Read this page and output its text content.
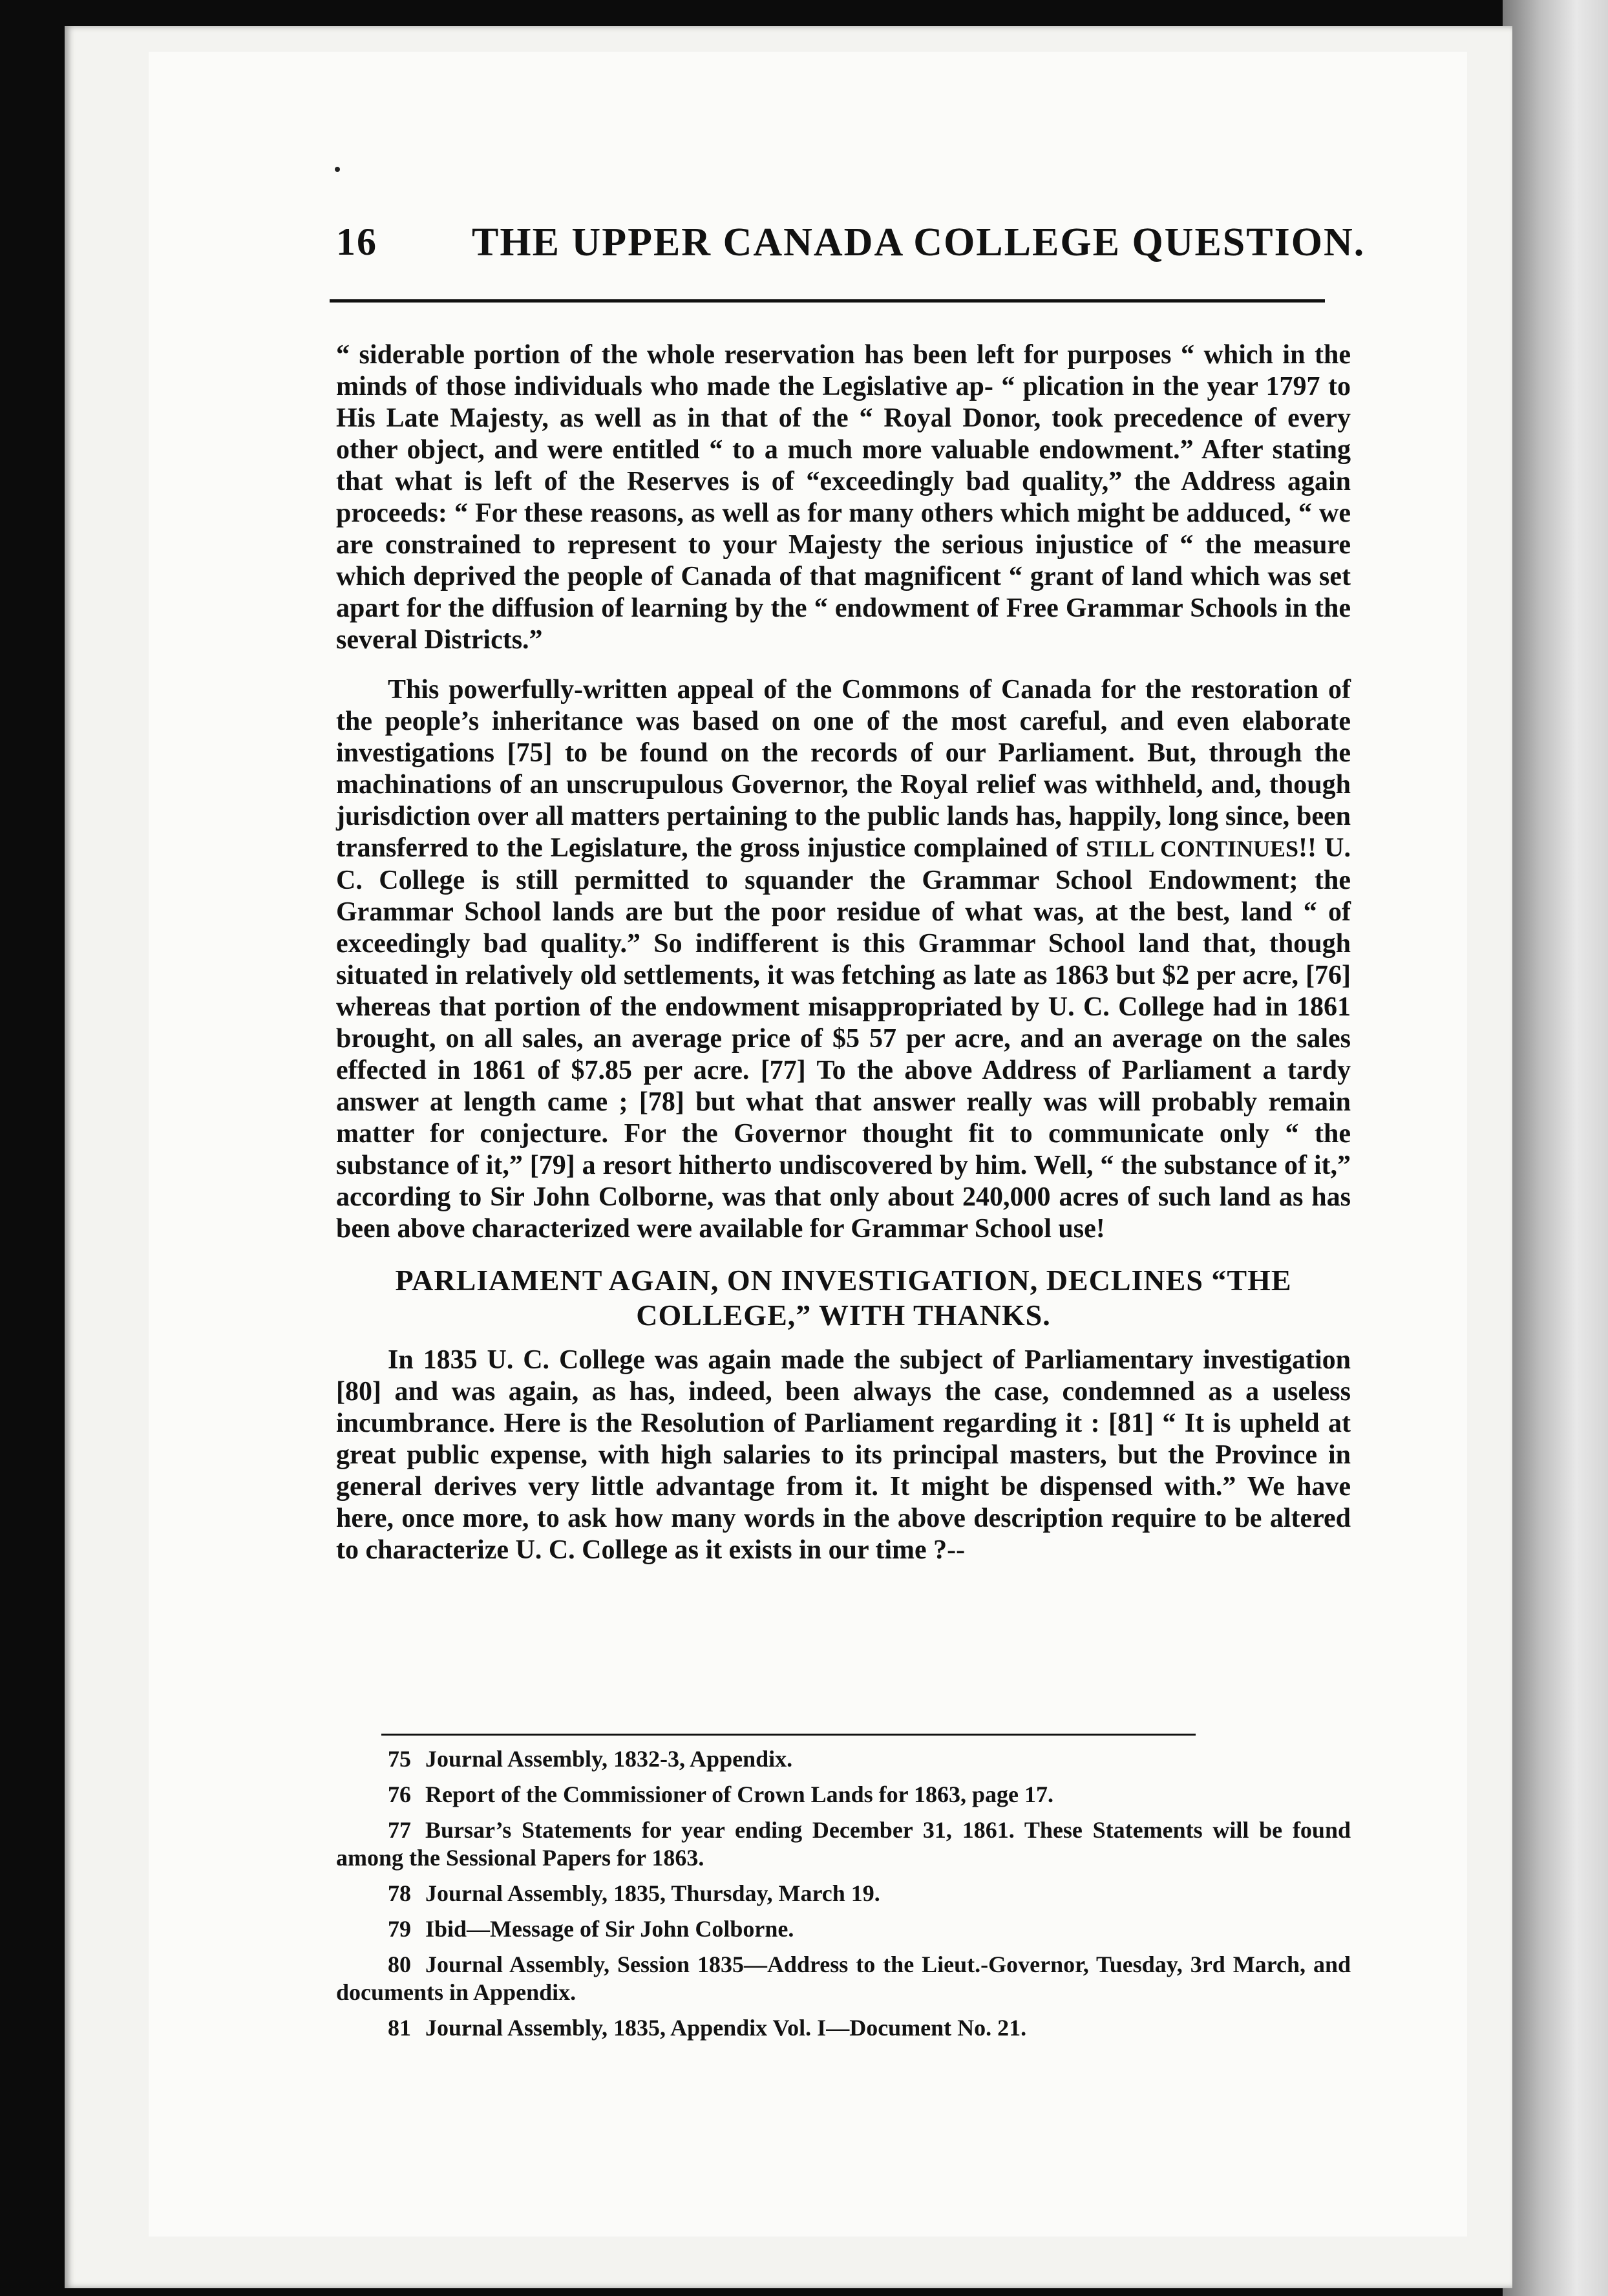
16 THE UPPER CANADA COLLEGE QUESTION.

“ siderable portion of the whole reservation has been left for purposes “ which in the minds of those individuals who made the Legislative ap- “ plication in the year 1797 to His Late Majesty, as well as in that of the “ Royal Donor, took precedence of every other object, and were entitled “ to a much more valuable endowment.” After stating that what is left of the Reserves is of “exceedingly bad quality,” the Address again proceeds: “ For these reasons, as well as for many others which might be adduced, “ we are constrained to represent to your Majesty the serious injustice of “ the measure which deprived the people of Canada of that magnificent “ grant of land which was set apart for the diffusion of learning by the “ endowment of Free Grammar Schools in the several Districts.”

This powerfully-written appeal of the Commons of Canada for the restoration of the people’s inheritance was based on one of the most careful, and even elaborate investigations [75] to be found on the records of our Parliament. But, through the machinations of an unscrupulous Governor, the Royal relief was withheld, and, though jurisdiction over all matters pertaining to the public lands has, happily, long since, been transferred to the Legislature, the gross injustice complained of STILL CONTINUES!! U. C. College is still permitted to squander the Grammar School Endowment; the Grammar School lands are but the poor residue of what was, at the best, land “ of exceedingly bad quality.” So indifferent is this Grammar School land that, though situated in relatively old settlements, it was fetching as late as 1863 but $2 per acre, [76] whereas that portion of the endowment misappropriated by U. C. College had in 1861 brought, on all sales, an average price of $5 57 per acre, and an average on the sales effected in 1861 of $7.85 per acre. [77] To the above Address of Parliament a tardy answer at length came ; [78] but what that answer really was will probably remain matter for conjecture. For the Governor thought fit to communicate only “ the substance of it,” [79] a resort hitherto undiscovered by him. Well, “ the substance of it,” according to Sir John Colborne, was that only about 240,000 acres of such land as has been above characterized were available for Grammar School use!

PARLIAMENT AGAIN, ON INVESTIGATION, DECLINES “THE COLLEGE,” WITH THANKS.

In 1835 U. C. College was again made the subject of Parliamentary investigation [80] and was again, as has, indeed, been always the case, condemned as a useless incumbrance. Here is the Resolution of Parliament regarding it : [81] “ It is upheld at great public expense, with high salaries to its principal masters, but the Province in general derives very little advantage from it. It might be dispensed with.” We have here, once more, to ask how many words in the above description require to be altered to characterize U. C. College as it exists in our time ?--

75 Journal Assembly, 1832-3, Appendix.

76 Report of the Commissioner of Crown Lands for 1863, page 17.

77 Bursar’s Statements for year ending December 31, 1861. These Statements will be found among the Sessional Papers for 1863.

78 Journal Assembly, 1835, Thursday, March 19.

79 Ibid—Message of Sir John Colborne.

80 Journal Assembly, Session 1835—Address to the Lieut.-Governor, Tuesday, 3rd March, and documents in Appendix.

81 Journal Assembly, 1835, Appendix Vol. I—Document No. 21.
